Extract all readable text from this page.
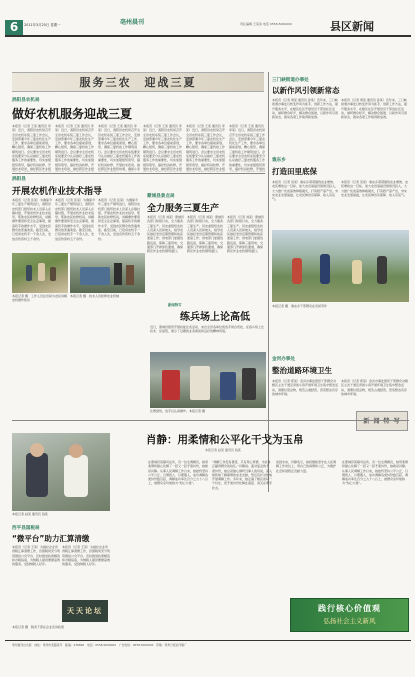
2011年3月25日 星期一	亳州晨刊	责任编辑 王某某 电话 0558-5000000
6	县区新闻
服务三农　迎战三夏
涡阳县农机局
做好农机服务迎战三夏
本报讯（记者 王某 通讯员 李某）近日，涡阳县农机局召开全县农机系统三夏工作会议，安排部署今年三夏农机化生产工作，要求各单位提前谋划，精心组织，确保三夏机收工作顺利进行。会议要求全县农机系统要充分认识做好三夏农机服务工作的重要性，切实加强组织领导，搞好机具检修，开展技术培训，做好跨区作业组
本报讯（记者 王某 通讯员 李某）近日，涡阳县农机局召开全县农机系统三夏工作会议，安排部署今年三夏农机化生产工作，要求各单位提前谋划，精心组织，确保三夏机收工作顺利进行。会议要求全县农机系统要充分认识做好三夏农机服务工作的重要性，切实加强组织领导，搞好机具检修，开展技术培训，做好跨区作业组
本报讯（记者 王某 通讯员 李某）近日，涡阳县农机局召开全县农机系统三夏工作会议，安排部署今年三夏农机化生产工作，要求各单位提前谋划，精心组织，确保三夏机收工作顺利进行。会议要求全县农机系统要充分认识做好三夏农机服务工作的重要性，切实加强组织领导，搞好机具检修，开展技术培训，做好跨区作业组织协调，确保小麦
本报讯（记者 王某 通讯员 李某）近日，涡阳县农机局召开全县农机系统三夏工作会议，安排部署今年三夏农机化生产工作，要求各单位提前谋划，精心组织，确保三夏机收工作顺利进行。会议要求全县农机系统要充分认识做好三夏农机服务工作的重要性，切实加强组织领导，搞好机具检修，开展技术培训，做好跨区作业组
本报讯（记者 王某 通讯员 李某）近日，涡阳县农机局召开全县农机系统三夏工作会议，安排部署今年三夏农机化生产工作，要求各单位提前谋划，精心组织，确保三夏机收工作顺利进行。会议要求全县农机系统要充分认识做好三夏农机服务工作的重要性，切实加强组织领导，搞好机具检修，开展技术培训，做好跨区作业组
本报讯（记者 王某 通讯员 李某）近日，涡阳县农机局召开全县农机系统三夏工作会议，安排部署今年三夏农机化生产工作，要求各单位提前谋划，精心组织，确保三夏机收工作顺利进行。会议要求全县农机系统要充分认识做好三夏农机服务工作的重要性，切实加强组织领导，搞好机具检修，开展技
涡阳县
开展农机作业技术指导
本报讯（记者 张某）为确保今年三夏生产顺利进行，涡阳县农机部门组织技术人员深入乡镇村组，开展农机作业技术指导，帮助农民检修机具，讲解操作要领和安全注意事项，提高机手的操作水平，受到农民群众的普遍欢迎。截至目前，已培训农机手一千余人次，发放宣传资料五千余份。
本报讯（记者 张某）为确保今年三夏生产顺利进行，涡阳县农机部门组织技术人员深入乡镇村组，开展农机作业技术指导，帮助农民检修机具，讲解操作要领和安全注意事项，提高机手的操作水平，受到农民群众的普遍欢迎。截至目前，已培训农机手一千余人次，发放宣传资料五千余份。
本报讯（记者 张某）为确保今年三夏生产顺利进行，涡阳县农机部门组织技术人员深入乡镇村组，开展农机作业技术指导，帮助农民检修机具，讲解操作要领和安全注意事项，提高机手的操作水平，受到农民群众的普遍欢迎。截至目前，已培训农机手一千余人次，发放宣传资料五千余份。
蒙城县景点局
全力服务三夏生产
本报讯（记者 刘某）蒙城县各部门积极行动，全力服务三夏生产。县农委组织农技人员深入田间地头，指导农民做好麦田后期管理和收获准备工作；供电部门加强线路巡查，保障三夏用电；交通部门开辟绿色通道，确保跨区作业农机顺利通行。
本报讯（记者 刘某）蒙城县各部门积极行动，全力服务三夏生产。县农委组织农技人员深入田间地头，指导农民做好麦田后期管理和收获准备工作；供电部门加强线路巡查，保障三夏用电；交通部门开辟绿色通道，确保跨区作业农机顺利通行。
本报讯（记者 刘某）蒙城县各部门积极行动，全力服务三夏生产。县农委组织农技人员深入田间地头，指导农民做好麦田后期管理和收获准备工作；供电部门加强线路巡查，保障三夏用电；交通部门开辟绿色通道，确保跨区作业农机顺利通行。
本报记者 摄　工作人员在田间为农民讲解农机操作知识
本报记者 摄　技术人员检修农业机械
三门峡街道办事处
以新作风引领新常态
本报讯（记者 周某 通讯员 孙某）近年来，三门峡街道办事处以转变作风为抓手，创新工作方法，提升服务水平，在辖区社区开展党员干部进社区活动，倾听群众呼声，解决群众困难，以新作风引领新常态，推动各项工作取得新成效。
本报讯（记者 周某 通讯员 孙某）近年来，三门峡街道办事处以转变作风为抓手，创新工作方法，提升服务水平，在辖区社区开展党员干部进社区活动，倾听群众呼声，解决群众困难，以新作风引领新常态，推动各项工作取得新成效。
谯东乡
打造田里底保
本报讯（记者 吴某）谯东乡紧紧围绕农业增效、农民增收这一目标，加大农田基础设施建设投入，大力推广优质高效种植模式，打造稳产高产田，夯实农业发展基础，让农民种田有保障、收入有底气。
本报讯（记者 吴某）谯东乡紧紧围绕农业增效、农民增收这一目标，加大农田基础设施建设投入，大力推广优质高效种植模式，打造稳产高产田，夯实农业发展基础，让农民种田有保障、收入有底气。
本报记者 摄　谯东乡干部群众在田间劳作
金河办事处
整治道路环境卫生
本报讯（记者 郑某）金河办事处组织干部群众对辖区主次干道及背街小巷开展环境卫生集中整治活动，清理垃圾杂物，规范占道经营，营造整洁有序的城市环境。
本报讯（记者 郑某）金河办事处组织干部群众对辖区主次干道及背街小巷开展环境卫生集中整治活动，清理垃圾杂物，规范占道经营，营造整洁有序的城市环境。
新闻特写
练兵场上论高低
近日，蒙城县组织开展技能比武活动，来自全县各单位的选手同台竞技，在练兵场上比技术、论高低，展示了过硬的业务素质和良好的精神风貌。
比赛现场，选手们认真操作。本报记者 摄
新 闻 特 写
肖静：用柔情和公平化干戈为玉帛
本报记者 赵某 通讯员 钱某
本报记者 赵某 通讯员 钱某
在蒙城县某镇司法所，有一位女调解员，她用柔情和耐心化解了一起又一起矛盾纠纷，她就是肖静。从事人民调解工作以来，她始终坚持公平公正，以情感人、以理服人，成功调解各类纠纷数百起，调解成功率达百分之九十八以上，被群众亲切地称为“知心大姐”。
“调解工作没有捷径，只有用心用情，才能真正赢得群众的信任。”肖静说。面对复杂的矛盾纠纷，她总是耐心倾听当事人的诉说，深入细致地了解事情的来龙去脉，然后有针对性地开展调解工作。多年来，她走遍了辖区的每一个村庄，把矛盾纠纷化解在基层、消灭在萌芽状态。
谈到未来，肖静表示，她将继续坚守在人民调解工作岗位上，用自己的真情和公正，为维护社会和谐稳定贡献力量。
在蒙城县某镇司法所，有一位女调解员，她用柔情和耐心化解了一起又一起矛盾纠纷，她就是肖静。从事人民调解工作以来，她始终坚持公平公正，以情感人、以理服人，成功调解各类纠纷数百起，调解成功率达百分之九十八以上，被群众亲切地称为“知心大姐”。
西平县国税局
“微平台”助力汇算清缴
本报讯（记者 王某）为做好企业所得税汇算清缴工作，县国税局充分利用微信公众平台，及时推送政策解读和办税指南，为纳税人提供便捷高效的服务，受到纳税人好评。
本报讯（记者 王某）为做好企业所得税汇算清缴工作，县国税局充分利用微信公众平台，及时推送政策解读和办税指南，为纳税人提供便捷高效的服务，受到纳税人好评。
天天论坛
本报记者 摄　税务干部在企业宣讲政策
践行核心价值观
弘扬社会主义新风
亳州晨刊社出版　地址：亳州市某路某号　邮编：236800　电话：0558-5000000　广告热线：0558-5000000　印刷：亳州日报社印刷厂
